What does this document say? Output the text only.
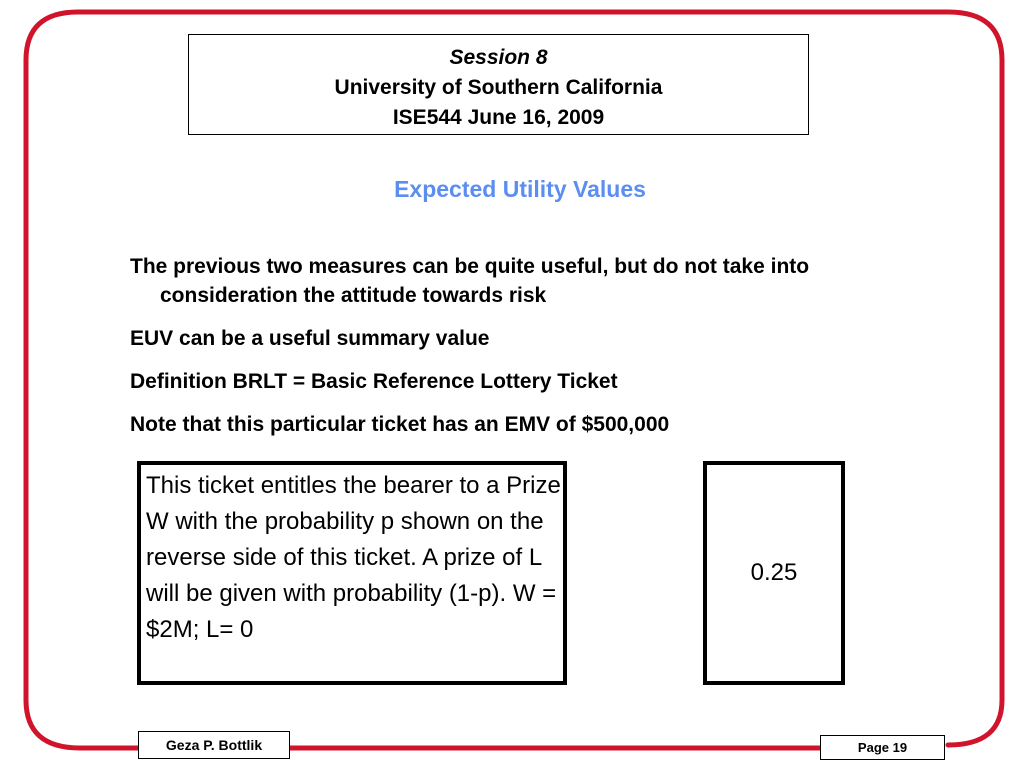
Session 8
University of Southern California
ISE544 June 16, 2009
Expected Utility Values
The previous two measures can be quite useful, but do not take into consideration the attitude towards risk
EUV can be a useful summary value
Definition BRLT = Basic Reference Lottery Ticket
Note that this particular ticket has an EMV of $500,000
This ticket entitles the bearer to a Prize W with the probability p shown on the reverse side of this ticket. A prize of L will be given with probability (1-p). W = $2M; L= 0
0.25
Geza P. Bottlik	Page 19
